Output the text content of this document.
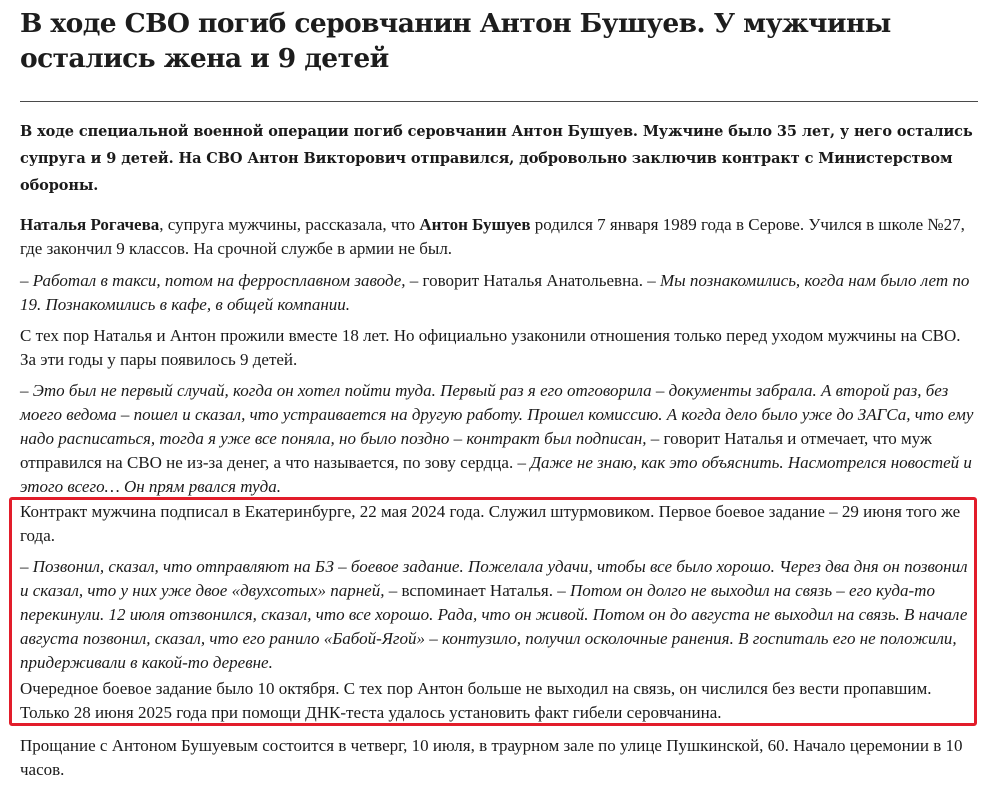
В ходе СВО погиб серовчанин Антон Бушуев. У мужчины остались жена и 9 детей

В ходе специальной военной операции погиб серовчанин Антон Бушуев. Мужчине было 35 лет, у него остались супруга и 9 детей. На СВО Антон Викторович отправился, добровольно заключив контракт с Министерством обороны.

Наталья Рогачева, супруга мужчины, рассказала, что Антон Бушуев родился 7 января 1989 года в Серове. Учился в школе №27, где закончил 9 классов. На срочной службе в армии не был.

– Работал в такси, потом на ферросплавном заводе, – говорит Наталья Анатольевна. – Мы познакомились, когда нам было лет по 19. Познакомились в кафе, в общей компании.

С тех пор Наталья и Антон прожили вместе 18 лет. Но официально узаконили отношения только перед уходом мужчины на СВО. За эти годы у пары появилось 9 детей.

– Это был не первый случай, когда он хотел пойти туда. Первый раз я его отговорила – документы забрала. А второй раз, без моего ведома – пошел и сказал, что устраивается на другую работу. Прошел комиссию. А когда дело было уже до ЗАГСа, что ему надо расписаться, тогда я уже все поняла, но было поздно – контракт был подписан, – говорит Наталья и отмечает, что муж отправился на СВО не из-за денег, а что называется, по зову сердца. – Даже не знаю, как это объяснить. Насмотрелся новостей и этого всего… Он прям рвался туда.

Контракт мужчина подписал в Екатеринбурге, 22 мая 2024 года. Служил штурмовиком. Первое боевое задание – 29 июня того же года.

– Позвонил, сказал, что отправляют на БЗ – боевое задание. Пожелала удачи, чтобы все было хорошо. Через два дня он позвонил и сказал, что у них уже двое «двухсотых» парней, – вспоминает Наталья. – Потом он долго не выходил на связь – его куда-то перекинули. 12 июля отзвонился, сказал, что все хорошо. Рада, что он живой. Потом он до августа не выходил на связь. В начале августа позвонил, сказал, что его ранило «Бабой-Ягой» – контузило, получил осколочные ранения. В госпиталь его не положили, придерживали в какой-то деревне.

Очередное боевое задание было 10 октября. С тех пор Антон больше не выходил на связь, он числился без вести пропавшим. Только 28 июня 2025 года при помощи ДНК-теста удалось установить факт гибели серовчанина.

Прощание с Антоном Бушуевым состоится в четверг, 10 июля, в траурном зале по улице Пушкинской, 60. Начало церемонии в 10 часов.
